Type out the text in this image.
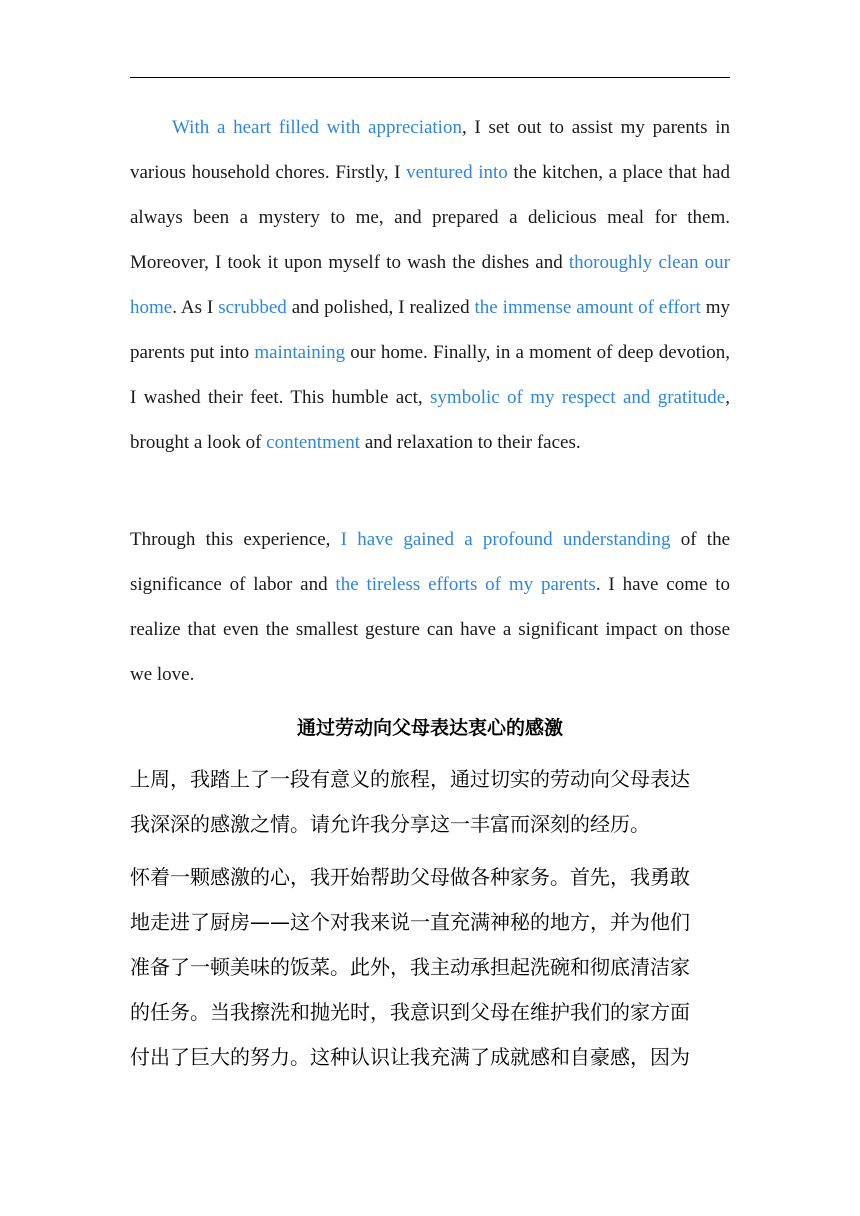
With a heart filled with appreciation, I set out to assist my parents in various household chores. Firstly, I ventured into the kitchen, a place that had always been a mystery to me, and prepared a delicious meal for them. Moreover, I took it upon myself to wash the dishes and thoroughly clean our home. As I scrubbed and polished, I realized the immense amount of effort my parents put into maintaining our home. Finally, in a moment of deep devotion, I washed their feet. This humble act, symbolic of my respect and gratitude, brought a look of contentment and relaxation to their faces.

Through this experience, I have gained a profound understanding of the significance of labor and the tireless efforts of my parents. I have come to realize that even the smallest gesture can have a significant impact on those we love.

通过劳动向父母表达衷心的感激

上周，我踏上了一段有意义的旅程，通过切实的劳动向父母表达
我深深的感激之情。请允许我分享这一丰富而深刻的经历。

怀着一颗感激的心，我开始帮助父母做各种家务。首先，我勇敢
地走进了厨房——这个对我来说一直充满神秘的地方，并为他们
准备了一顿美味的饭菜。此外，我主动承担起洗碗和彻底清洁家
的任务。当我擦洗和抛光时，我意识到父母在维护我们的家方面
付出了巨大的努力。这种认识让我充满了成就感和自豪感，因为
